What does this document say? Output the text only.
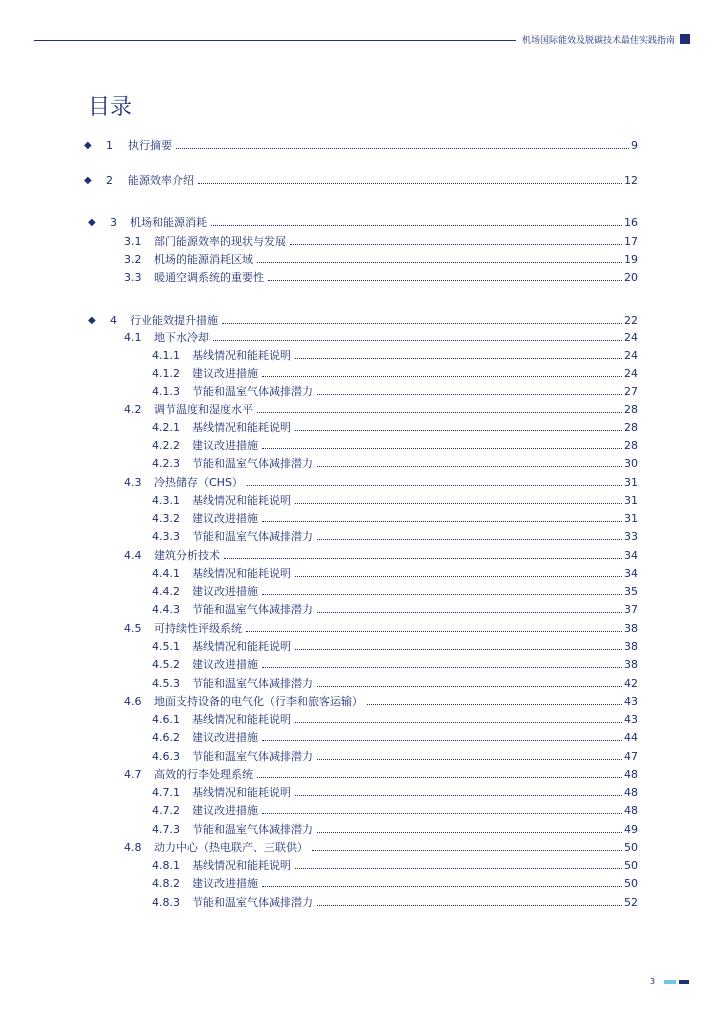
机场国际能效及脱碳技术最佳实践指南
目录
◆ 1	执行摘要	9
◆ 2	能源效率介绍	12
◆ 3	机场和能源消耗	16
3.1	部门能源效率的现状与发展	17
3.2	机场的能源消耗区域	19
3.3	暖通空调系统的重要性	20
◆ 4	行业能效提升措施	22
4.1	地下水冷却	24
4.1.1	基线情况和能耗说明	24
4.1.2	建议改进措施	24
4.1.3	节能和温室气体减排潜力	27
4.2	调节温度和湿度水平	28
4.2.1	基线情况和能耗说明	28
4.2.2	建议改进措施	28
4.2.3	节能和温室气体减排潜力	30
4.3	冷热储存（CHS）	31
4.3.1	基线情况和能耗说明	31
4.3.2	建议改进措施	31
4.3.3	节能和温室气体减排潜力	33
4.4	建筑分析技术	34
4.4.1	基线情况和能耗说明	34
4.4.2	建议改进措施	35
4.4.3	节能和温室气体减排潜力	37
4.5	可持续性评级系统	38
4.5.1	基线情况和能耗说明	38
4.5.2	建议改进措施	38
4.5.3	节能和温室气体减排潜力	42
4.6	地面支持设备的电气化（行李和旅客运输）	43
4.6.1	基线情况和能耗说明	43
4.6.2	建议改进措施	44
4.6.3	节能和温室气体减排潜力	47
4.7	高效的行李处理系统	48
4.7.1	基线情况和能耗说明	48
4.7.2	建议改进措施	48
4.7.3	节能和温室气体减排潜力	49
4.8	动力中心（热电联产、三联供）	50
4.8.1	基线情况和能耗说明	50
4.8.2	建议改进措施	50
4.8.3	节能和温室气体减排潜力	52
3
